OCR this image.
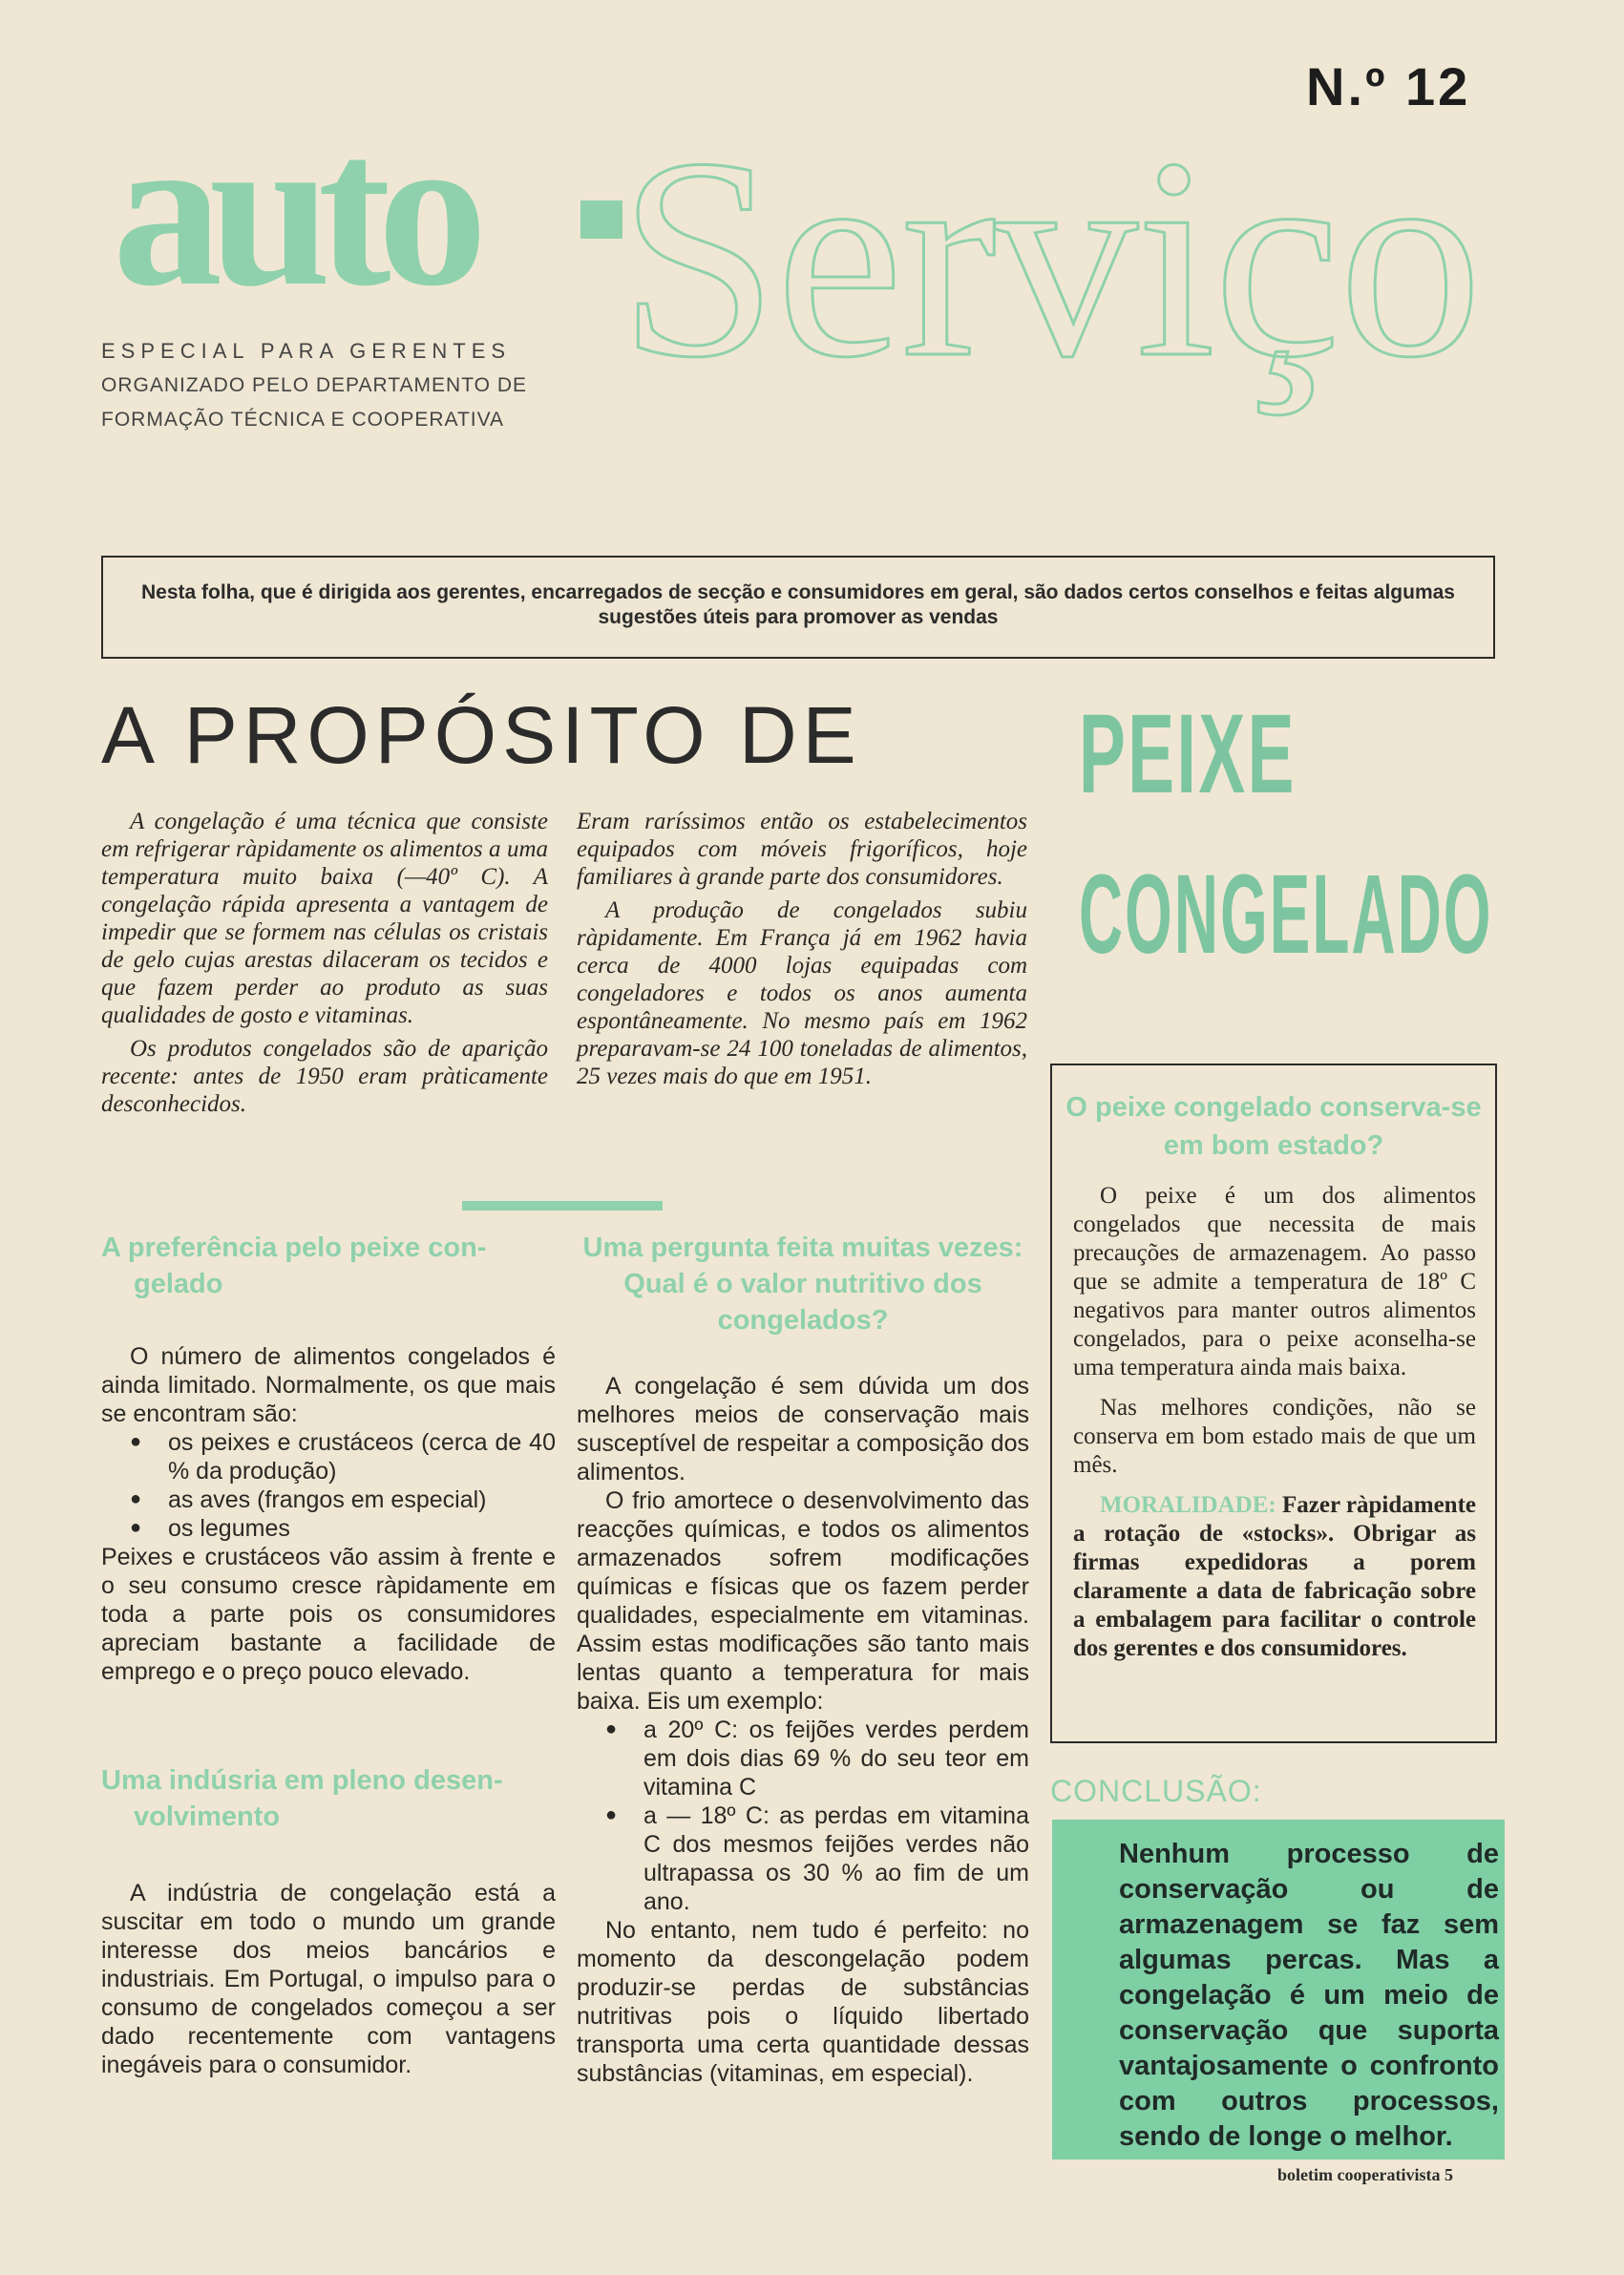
auto Serviço
N.º 12
ESPECIAL PARA GERENTES
ORGANIZADO PELO DEPARTAMENTO DE
FORMAÇÃO TÉCNICA E COOPERATIVA
Nesta folha, que é dirigida aos gerentes, encarregados de secção e consumidores em geral, são dados certos conselhos e feitas algumas sugestões úteis para promover as vendas
A PROPÓSITO DE PEIXE
CONGELADO

A congelação é uma técnica que consiste em refrigerar ràpidamente os alimentos a uma temperatura muito baixa (—40º C). A congelação rápida apresenta a vantagem de impedir que se formem nas células os cristais de gelo cujas arestas dilaceram os tecidos e que fazem perder ao produto as suas qualidades de gosto e vitaminas.

Os produtos congelados são de aparição recente: antes de 1950 eram pràticamente desconhecidos.

Eram raríssimos então os estabelecimentos equipados com móveis frigoríficos, hoje familiares à grande parte dos consumidores.

A produção de congelados subiu ràpidamente. Em França já em 1962 havia cerca de 4000 lojas equipadas com congeladores e todos os anos aumenta espontâneamente. No mesmo país em 1962 preparavam-se 24 100 toneladas de alimentos, 25 vezes mais do que em 1951.

A preferência pelo peixe con-
gelado

O número de alimentos congelados é ainda limitado. Normalmente, os que mais se encontram são:

● os peixes e crustáceos (cerca de 40 % da produção)
● as aves (frangos em especial)
● os legumes

Peixes e crustáceos vão assim à frente e o seu consumo cresce ràpidamente em toda a parte pois os consumidores apreciam bastante a facilidade de emprego e o preço pouco elevado.

Uma indúsria em pleno desen-
volvimento

A indústria de congelação está a suscitar em todo o mundo um grande interesse dos meios bancários e industriais. Em Portugal, o impulso para o consumo de congelados começou a ser dado recentemente com vantagens inegáveis para o consumidor.

Uma pergunta feita muitas vezes: Qual é o valor nutritivo dos congelados?

A congelação é sem dúvida um dos melhores meios de conservação mais susceptível de respeitar a composição dos alimentos.

O frio amortece o desenvolvimento das reacções químicas, e todos os alimentos armazenados sofrem modificações químicas e físicas que os fazem perder qualidades, especialmente em vitaminas. Assim estas modificações são tanto mais lentas quanto a temperatura for mais baixa. Eis um exemplo:

● a 20º C: os feijões verdes perdem em dois dias 69 % do seu teor em vitamina C
● a — 18º C: as perdas em vitamina C dos mesmos feijões verdes não ultrapassa os 30 % ao fim de um ano.

No entanto, nem tudo é perfeito: no momento da descongelação podem produzir-se perdas de substâncias nutritivas pois o líquido libertado transporta uma certa quantidade dessas substâncias (vitaminas, em especial).

O peixe congelado conserva-se em bom estado?

O peixe é um dos alimentos congelados que necessita de mais precauções de armazenagem. Ao passo que se admite a temperatura de 18º C negativos para manter outros alimentos congelados, para o peixe aconselha-se uma temperatura ainda mais baixa.

Nas melhores condições, não se conserva em bom estado mais de que um mês.

MORALIDADE: Fazer ràpidamente a rotação de «stocks». Obrigar as firmas expedidoras a porem claramente a data de fabricação sobre a embalagem para facilitar o controle dos gerentes e dos consumidores.

CONCLUSÃO:
Nenhum processo de conservação ou de armazenagem se faz sem algumas percas. Mas a congelação é um meio de conservação que suporta vantajosamente o confronto com outros processos, sendo de longe o melhor.
boletim cooperativista 5
